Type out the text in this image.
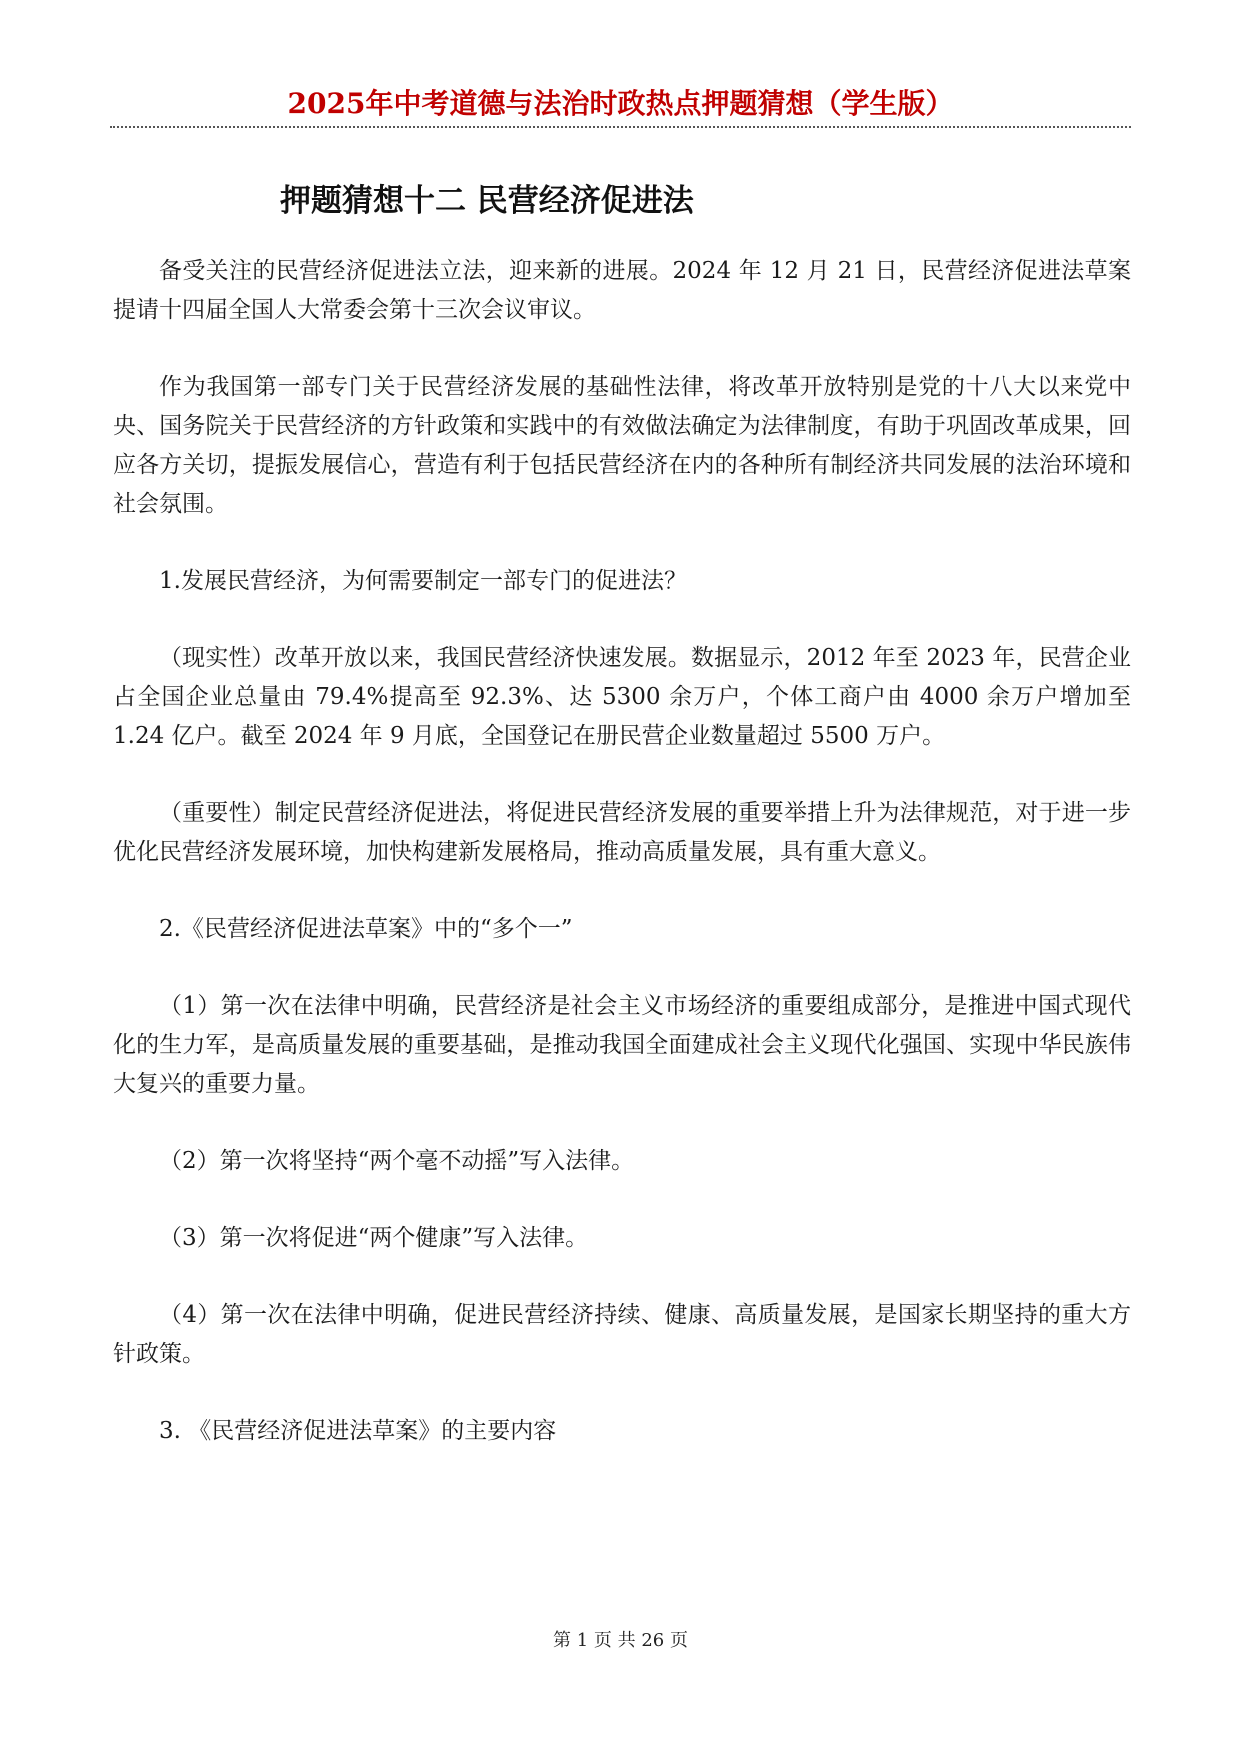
2025年中考道德与法治时政热点押题猜想（学生版）
押题猜想十二 民营经济促进法

备受关注的民营经济促进法立法，迎来新的进展。2024 年 12 月 21 日，民营经济促进法草案提请十四届全国人大常委会第十三次会议审议。

作为我国第一部专门关于民营经济发展的基础性法律，将改革开放特别是党的十八大以来党中央、国务院关于民营经济的方针政策和实践中的有效做法确定为法律制度，有助于巩固改革成果，回应各方关切，提振发展信心，营造有利于包括民营经济在内的各种所有制经济共同发展的法治环境和社会氛围。

1.发展民营经济，为何需要制定一部专门的促进法？

（现实性）改革开放以来，我国民营经济快速发展。数据显示，2012 年至 2023 年，民营企业占全国企业总量由 79.4%提高至 92.3%、达 5300 余万户，个体工商户由 4000 余万户增加至 1.24 亿户。截至 2024 年 9 月底，全国登记在册民营企业数量超过 5500 万户。

（重要性）制定民营经济促进法，将促进民营经济发展的重要举措上升为法律规范，对于进一步优化民营经济发展环境，加快构建新发展格局，推动高质量发展，具有重大意义。

2.《民营经济促进法草案》中的“多个一”

（1）第一次在法律中明确，民营经济是社会主义市场经济的重要组成部分，是推进中国式现代化的生力军，是高质量发展的重要基础，是推动我国全面建成社会主义现代化强国、实现中华民族伟大复兴的重要力量。

（2）第一次将坚持“两个毫不动摇”写入法律。

（3）第一次将促进“两个健康”写入法律。

（4）第一次在法律中明确，促进民营经济持续、健康、高质量发展，是国家长期坚持的重大方针政策。

3. 《民营经济促进法草案》的主要内容

第 1 页 共 26 页
